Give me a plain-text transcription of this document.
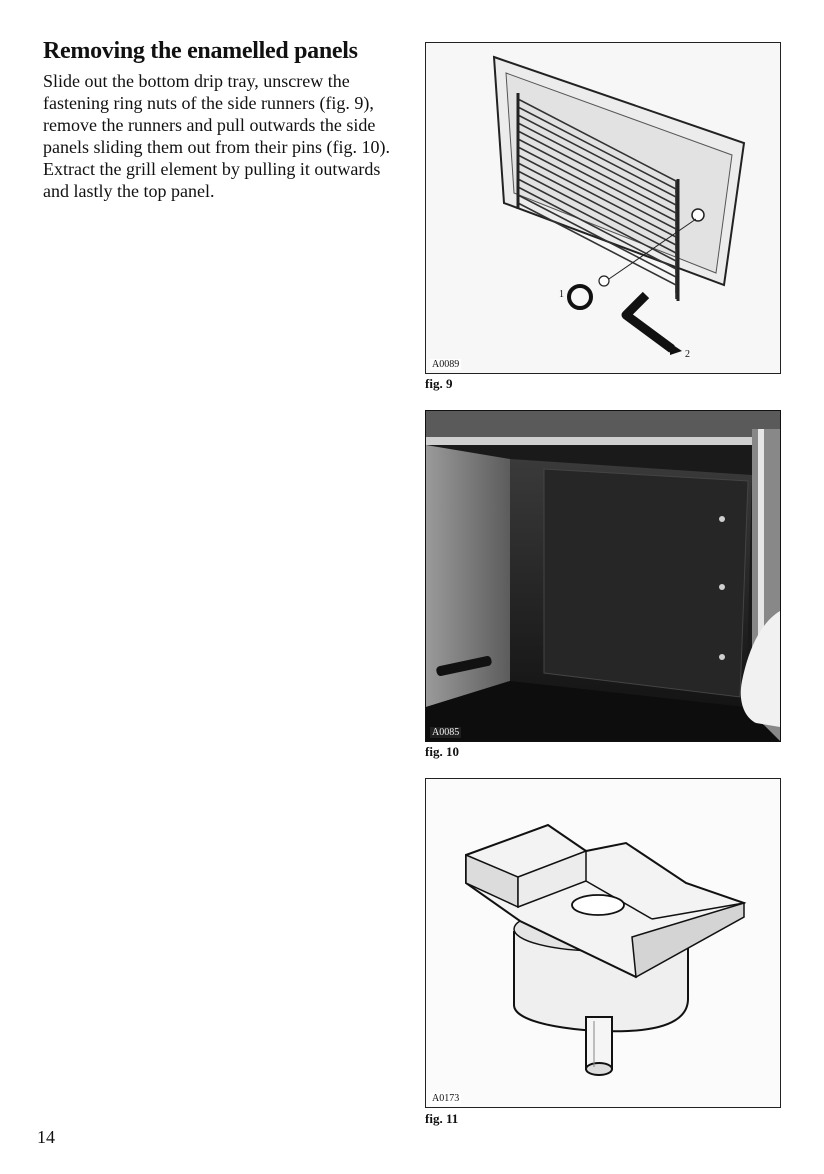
Removing the enamelled panels

Slide out the bottom drip tray, unscrew the fastening ring nuts of the side runners (fig. 9), remove the runners and pull outwards the side panels sliding them out from their pins (fig. 10).

Extract the grill element by pulling it outwards and lastly the top panel.

1
2
A0089
fig. 9
A0085
fig. 10
A0173
fig. 11
14
